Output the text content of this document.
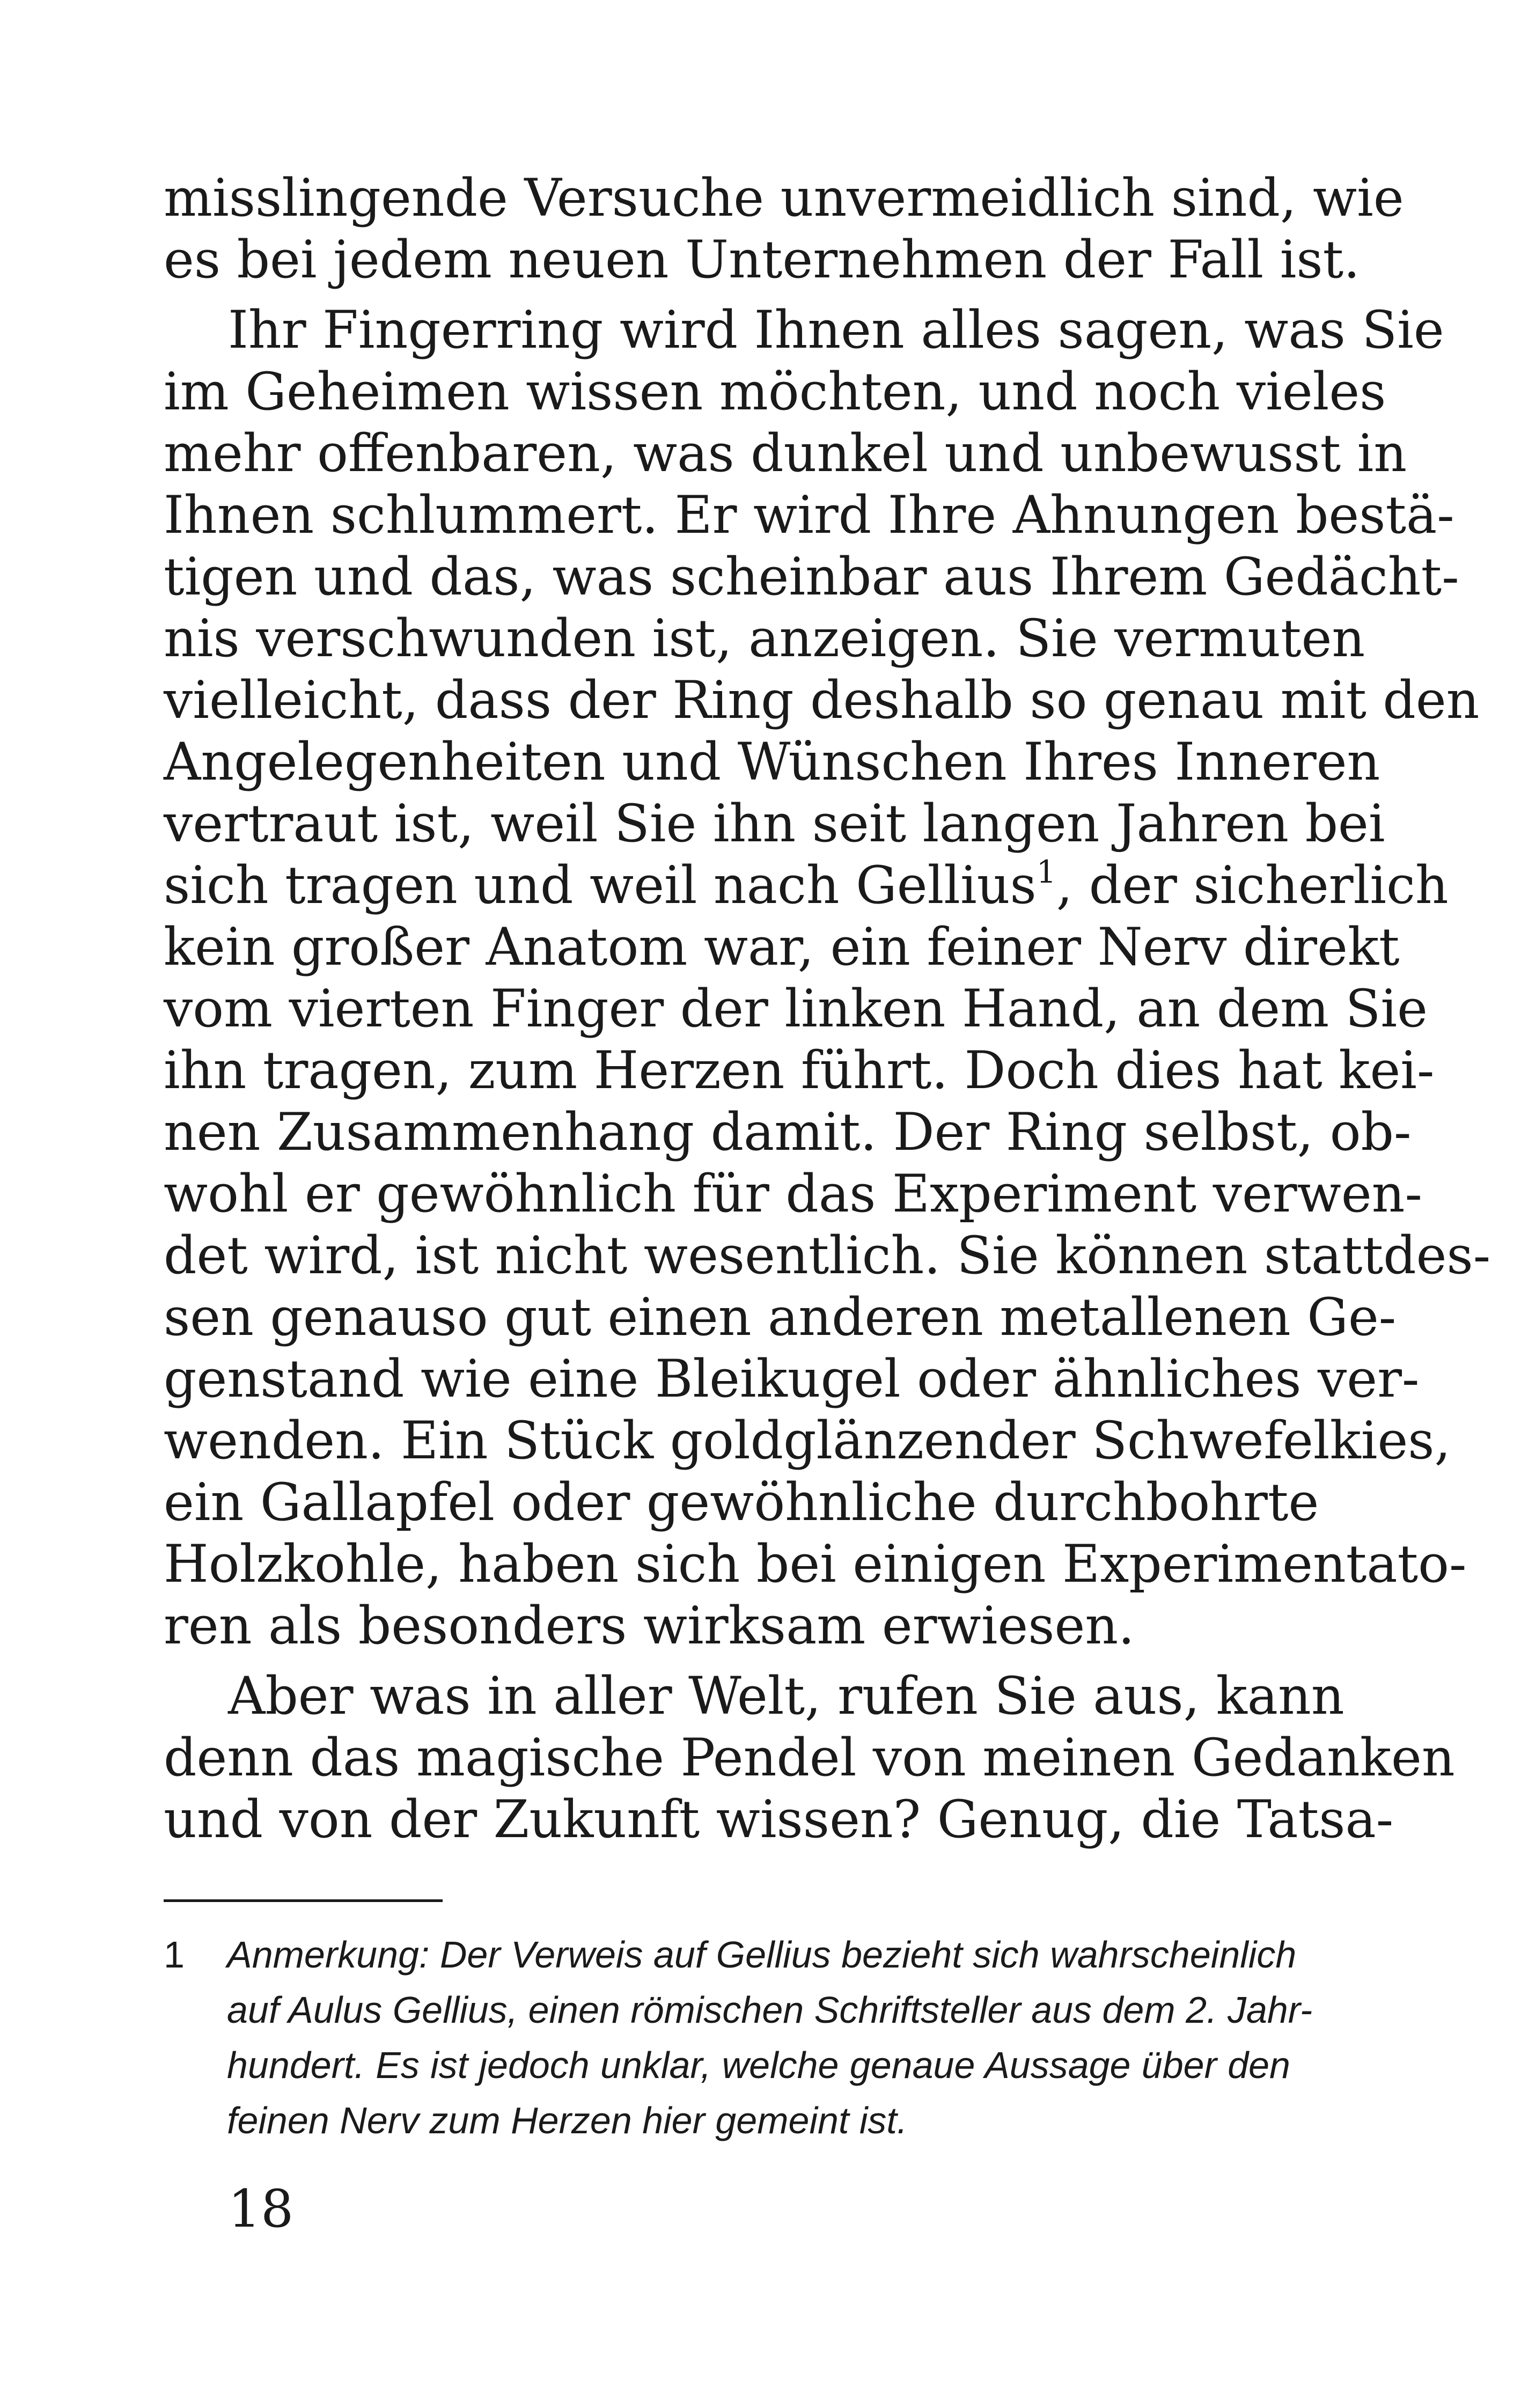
misslingende Versuche unvermeidlich sind, wie
es bei jedem neuen Unternehmen der Fall ist.

Ihr Fingerring wird Ihnen alles sagen, was Sie
im Geheimen wissen möchten, und noch vieles
mehr offenbaren, was dunkel und unbewusst in
Ihnen schlummert. Er wird Ihre Ahnungen bestä-
tigen und das, was scheinbar aus Ihrem Gedächt-
nis verschwunden ist, anzeigen. Sie vermuten
vielleicht, dass der Ring deshalb so genau mit den
Angelegenheiten und Wünschen Ihres Inneren
vertraut ist, weil Sie ihn seit langen Jahren bei
sich tragen und weil nach Gellius$^1$, der sicherlich
kein großer Anatom war, ein feiner Nerv direkt
vom vierten Finger der linken Hand, an dem Sie
ihn tragen, zum Herzen führt. Doch dies hat kei-
nen Zusammenhang damit. Der Ring selbst, ob-
wohl er gewöhnlich für das Experiment verwen-
det wird, ist nicht wesentlich. Sie können stattdes-
sen genauso gut einen anderen metallenen Ge-
genstand wie eine Bleikugel oder ähnliches ver-
wenden. Ein Stück goldglänzender Schwefelkies,
ein Gallapfel oder gewöhnliche durchbohrte
Holzkohle, haben sich bei einigen Experimentato-
ren als besonders wirksam erwiesen.

Aber was in aller Welt, rufen Sie aus, kann
denn das magische Pendel von meinen Gedanken
und von der Zukunft wissen? Genug, die Tatsa-

1 Anmerkung: Der Verweis auf Gellius bezieht sich wahrscheinlich
auf Aulus Gellius, einen römischen Schriftsteller aus dem 2. Jahr-
hundert. Es ist jedoch unklar, welche genaue Aussage über den
feinen Nerv zum Herzen hier gemeint ist.
18
